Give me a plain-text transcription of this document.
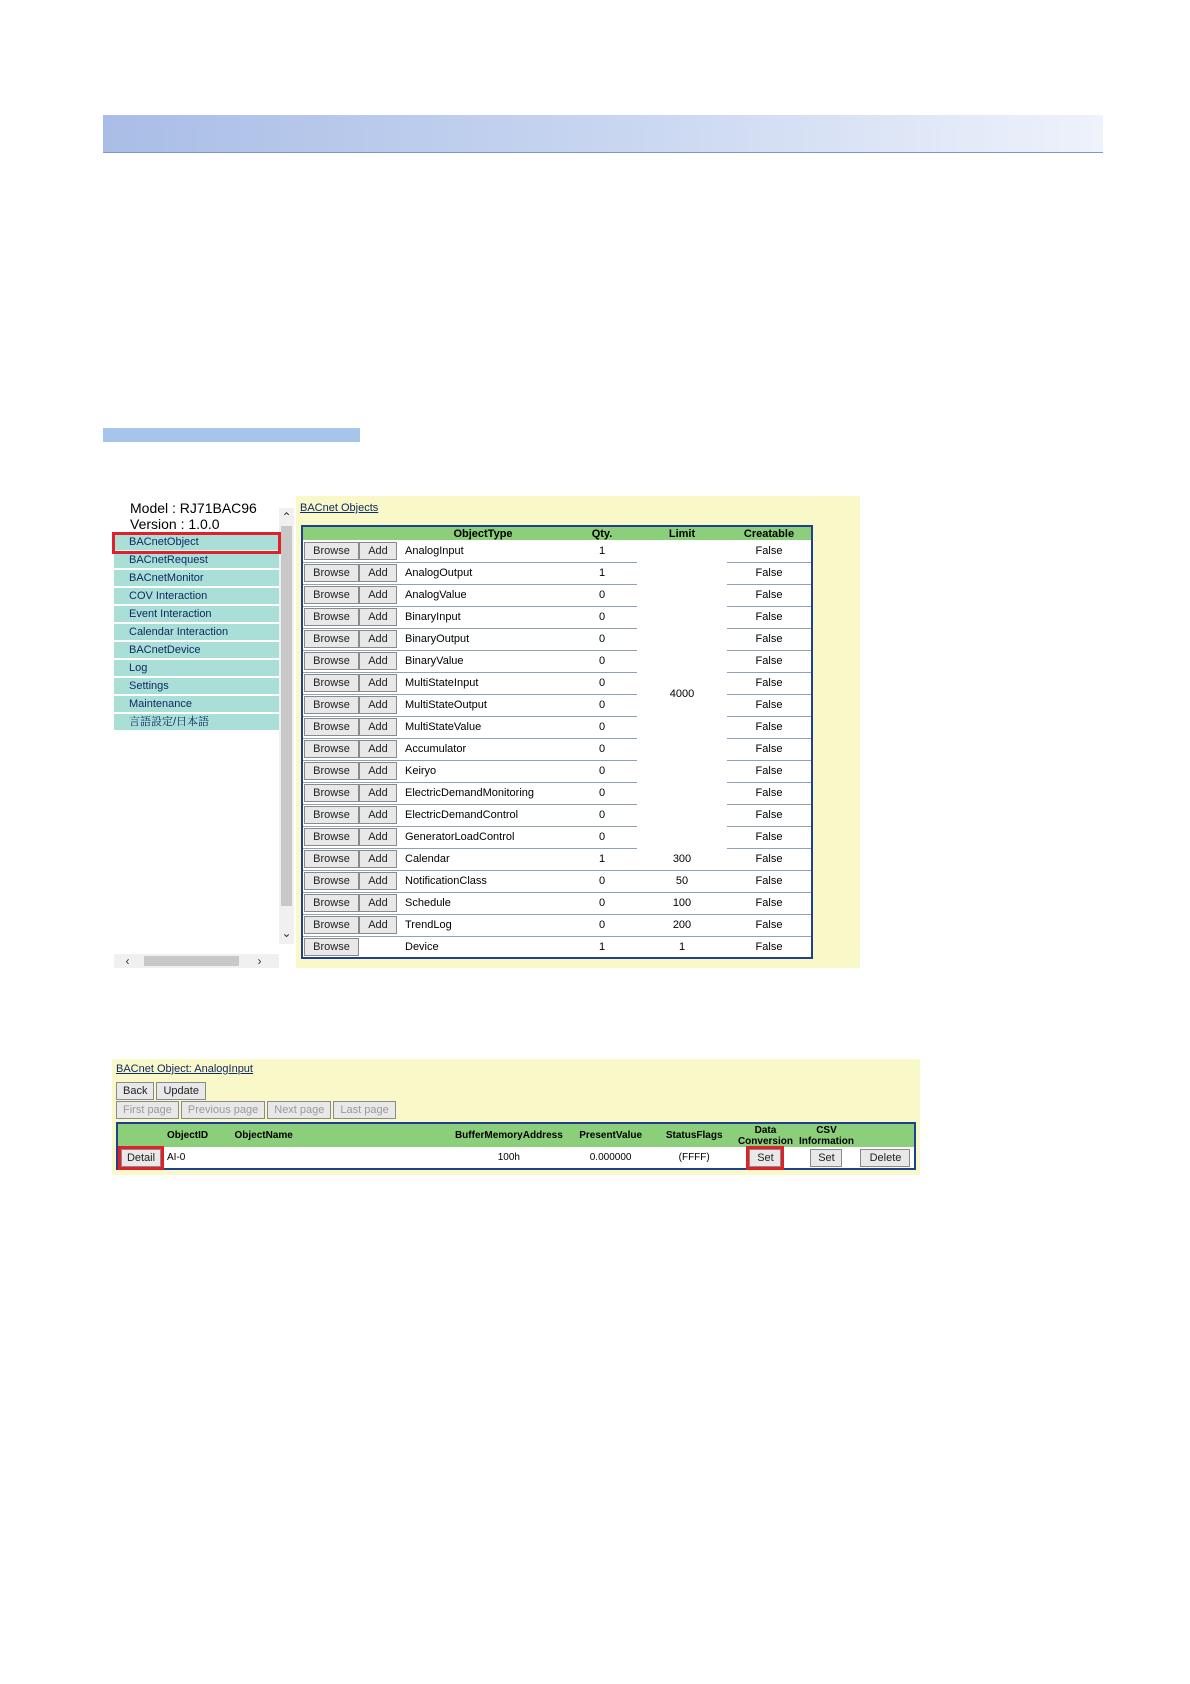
Model : RJ71BAC96
Version : 1.0.0
BACnetObject
BACnetRequest
BACnetMonitor
COV Interaction
Event Interaction
Calendar Interaction
BACnetDevice
Log
Settings
Maintenance
言語設定/日本語
⌃
⌄
‹	›
BACnet Objects
		ObjectType	Qty.	Limit	Creatable
Browse	Add	AnalogInput	1	4000	False
Browse	Add	AnalogOutput	1		False
Browse	Add	AnalogValue	0		False
Browse	Add	BinaryInput	0		False
Browse	Add	BinaryOutput	0		False
Browse	Add	BinaryValue	0		False
Browse	Add	MultiStateInput	0		False
Browse	Add	MultiStateOutput	0		False
Browse	Add	MultiStateValue	0		False
Browse	Add	Accumulator	0		False
Browse	Add	Keiryo	0		False
Browse	Add	ElectricDemandMonitoring	0		False
Browse	Add	ElectricDemandControl	0		False
Browse	Add	GeneratorLoadControl	0		False
Browse	Add	Calendar	1	300	False
Browse	Add	NotificationClass	0	50	False
Browse	Add	Schedule	0	100	False
Browse	Add	TrendLog	0	200	False
Browse		Device	1	1	False
BACnet Object: AnalogInput
Back	Update
First page	Previous page	Next page	Last page
	ObjectID	ObjectName	BufferMemoryAddress	PresentValue	StatusFlags	Data Conversion	CSV Information	
Detail	AI-0		100h	0.000000	(FFFF)	Set	Set	Delete
